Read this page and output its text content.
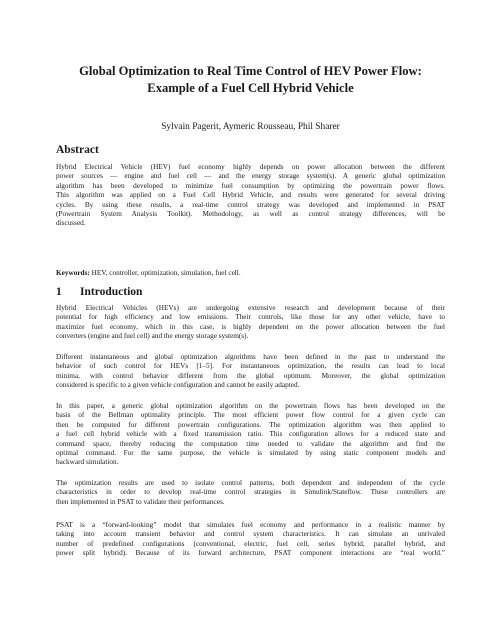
Global Optimization to Real Time Control of HEV Power Flow:
Example of a Fuel Cell Hybrid Vehicle
Sylvain Pagerit, Aymeric Rousseau, Phil Sharer
Abstract

Hybrid Electrical Vehicle (HEV) fuel economy highly depends on power allocation between the different
power sources — engine and fuel cell — and the energy storage system(s). A generic global optimization
algorithm has been developed to minimize fuel consumption by optimizing the powertrain power flows.
This algorithm was applied on a Fuel Cell Hybrid Vehicle, and results were generated for several driving
cycles. By using these results, a real-time control strategy was developed and implemented in PSAT
(Powertrain System Analysis Toolkit). Methodology, as well as control strategy differences, will be
discussed.

Keywords: HEV, controller, optimization, simulation, fuel cell.
1 Introduction

Hybrid Electrical Vehicles (HEVs) are undergoing extensive research and development because of their
potential for high efficiency and low emissions. Their controls, like those for any other vehicle, have to
maximize fuel economy, which in this case, is highly dependent on the power allocation between the fuel
converters (engine and fuel cell) and the energy storage system(s).

Different instantaneous and global optimization algorithms have been defined in the past to understand the
behavior of such control for HEVs [1–5]. For instantaneous optimization, the results can lead to local
minima, with control behavior different from the global optimum. Moreover, the global optimization
considered is specific to a given vehicle configuration and cannot be easily adapted.

In this paper, a generic global optimization algorithm on the powertrain flows has been developed on the
basis of the Bellman optimality principle. The most efficient power flow control for a given cycle can
then be computed for different powertrain configurations. The optimization algorithm was then applied to
a fuel cell hybrid vehicle with a fixed transmission ratio. This configuration allows for a reduced state and
command space, thereby reducing the computation time needed to validate the algorithm and find the
optimal command. For the same purpose, the vehicle is simulated by using static component models and
backward simulation.

The optimization results are used to isolate control patterns, both dependent and independent of the cycle
characteristics in order to develop real-time control strategies in Simulink/Stateflow. These controllers are
then implemented in PSAT to validate their performances.

PSAT is a “forward-looking” model that simulates fuel economy and performance in a realistic manner by
taking into account transient behavior and control system characteristics. It can simulate an unrivaled
number of predefined configurations (conventional, electric, fuel cell, series hybrid, parallel hybrid, and
power split hybrid). Because of its forward architecture, PSAT component interactions are “real world.”
